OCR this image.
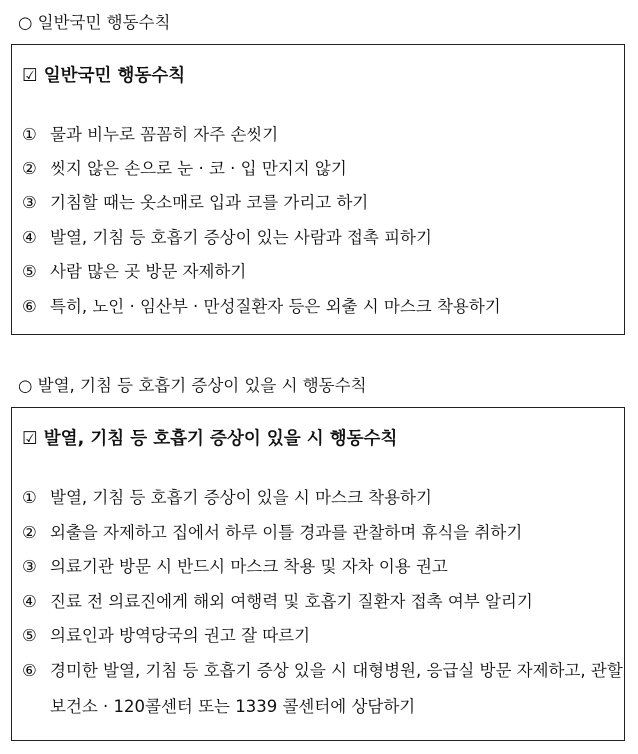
○ 일반국민 행동수칙
☑ 일반국민 행동수칙
① 물과 비누로 꼼꼼히 자주 손씻기
② 씻지 않은 손으로 눈 · 코 · 입 만지지 않기
③ 기침할 때는 옷소매로 입과 코를 가리고 하기
④ 발열, 기침 등 호흡기 증상이 있는 사람과 접촉 피하기
⑤ 사람 많은 곳 방문 자제하기
⑥ 특히, 노인 · 임산부 · 만성질환자 등은 외출 시 마스크 착용하기
○ 발열, 기침 등 호흡기 증상이 있을 시 행동수칙
☑ 발열, 기침 등 호흡기 증상이 있을 시 행동수칙
① 발열, 기침 등 호흡기 증상이 있을 시 마스크 착용하기
② 외출을 자제하고 집에서 하루 이틀 경과를 관찰하며 휴식을 취하기
③ 의료기관 방문 시 반드시 마스크 착용 및 자차 이용 권고
④ 진료 전 의료진에게 해외 여행력 및 호흡기 질환자 접촉 여부 알리기
⑤ 의료인과 방역당국의 권고 잘 따르기
⑥ 경미한 발열, 기침 등 호흡기 증상 있을 시 대형병원, 응급실 방문 자제하고, 관할
보건소 · 120콜센터 또는 1339 콜센터에 상담하기
